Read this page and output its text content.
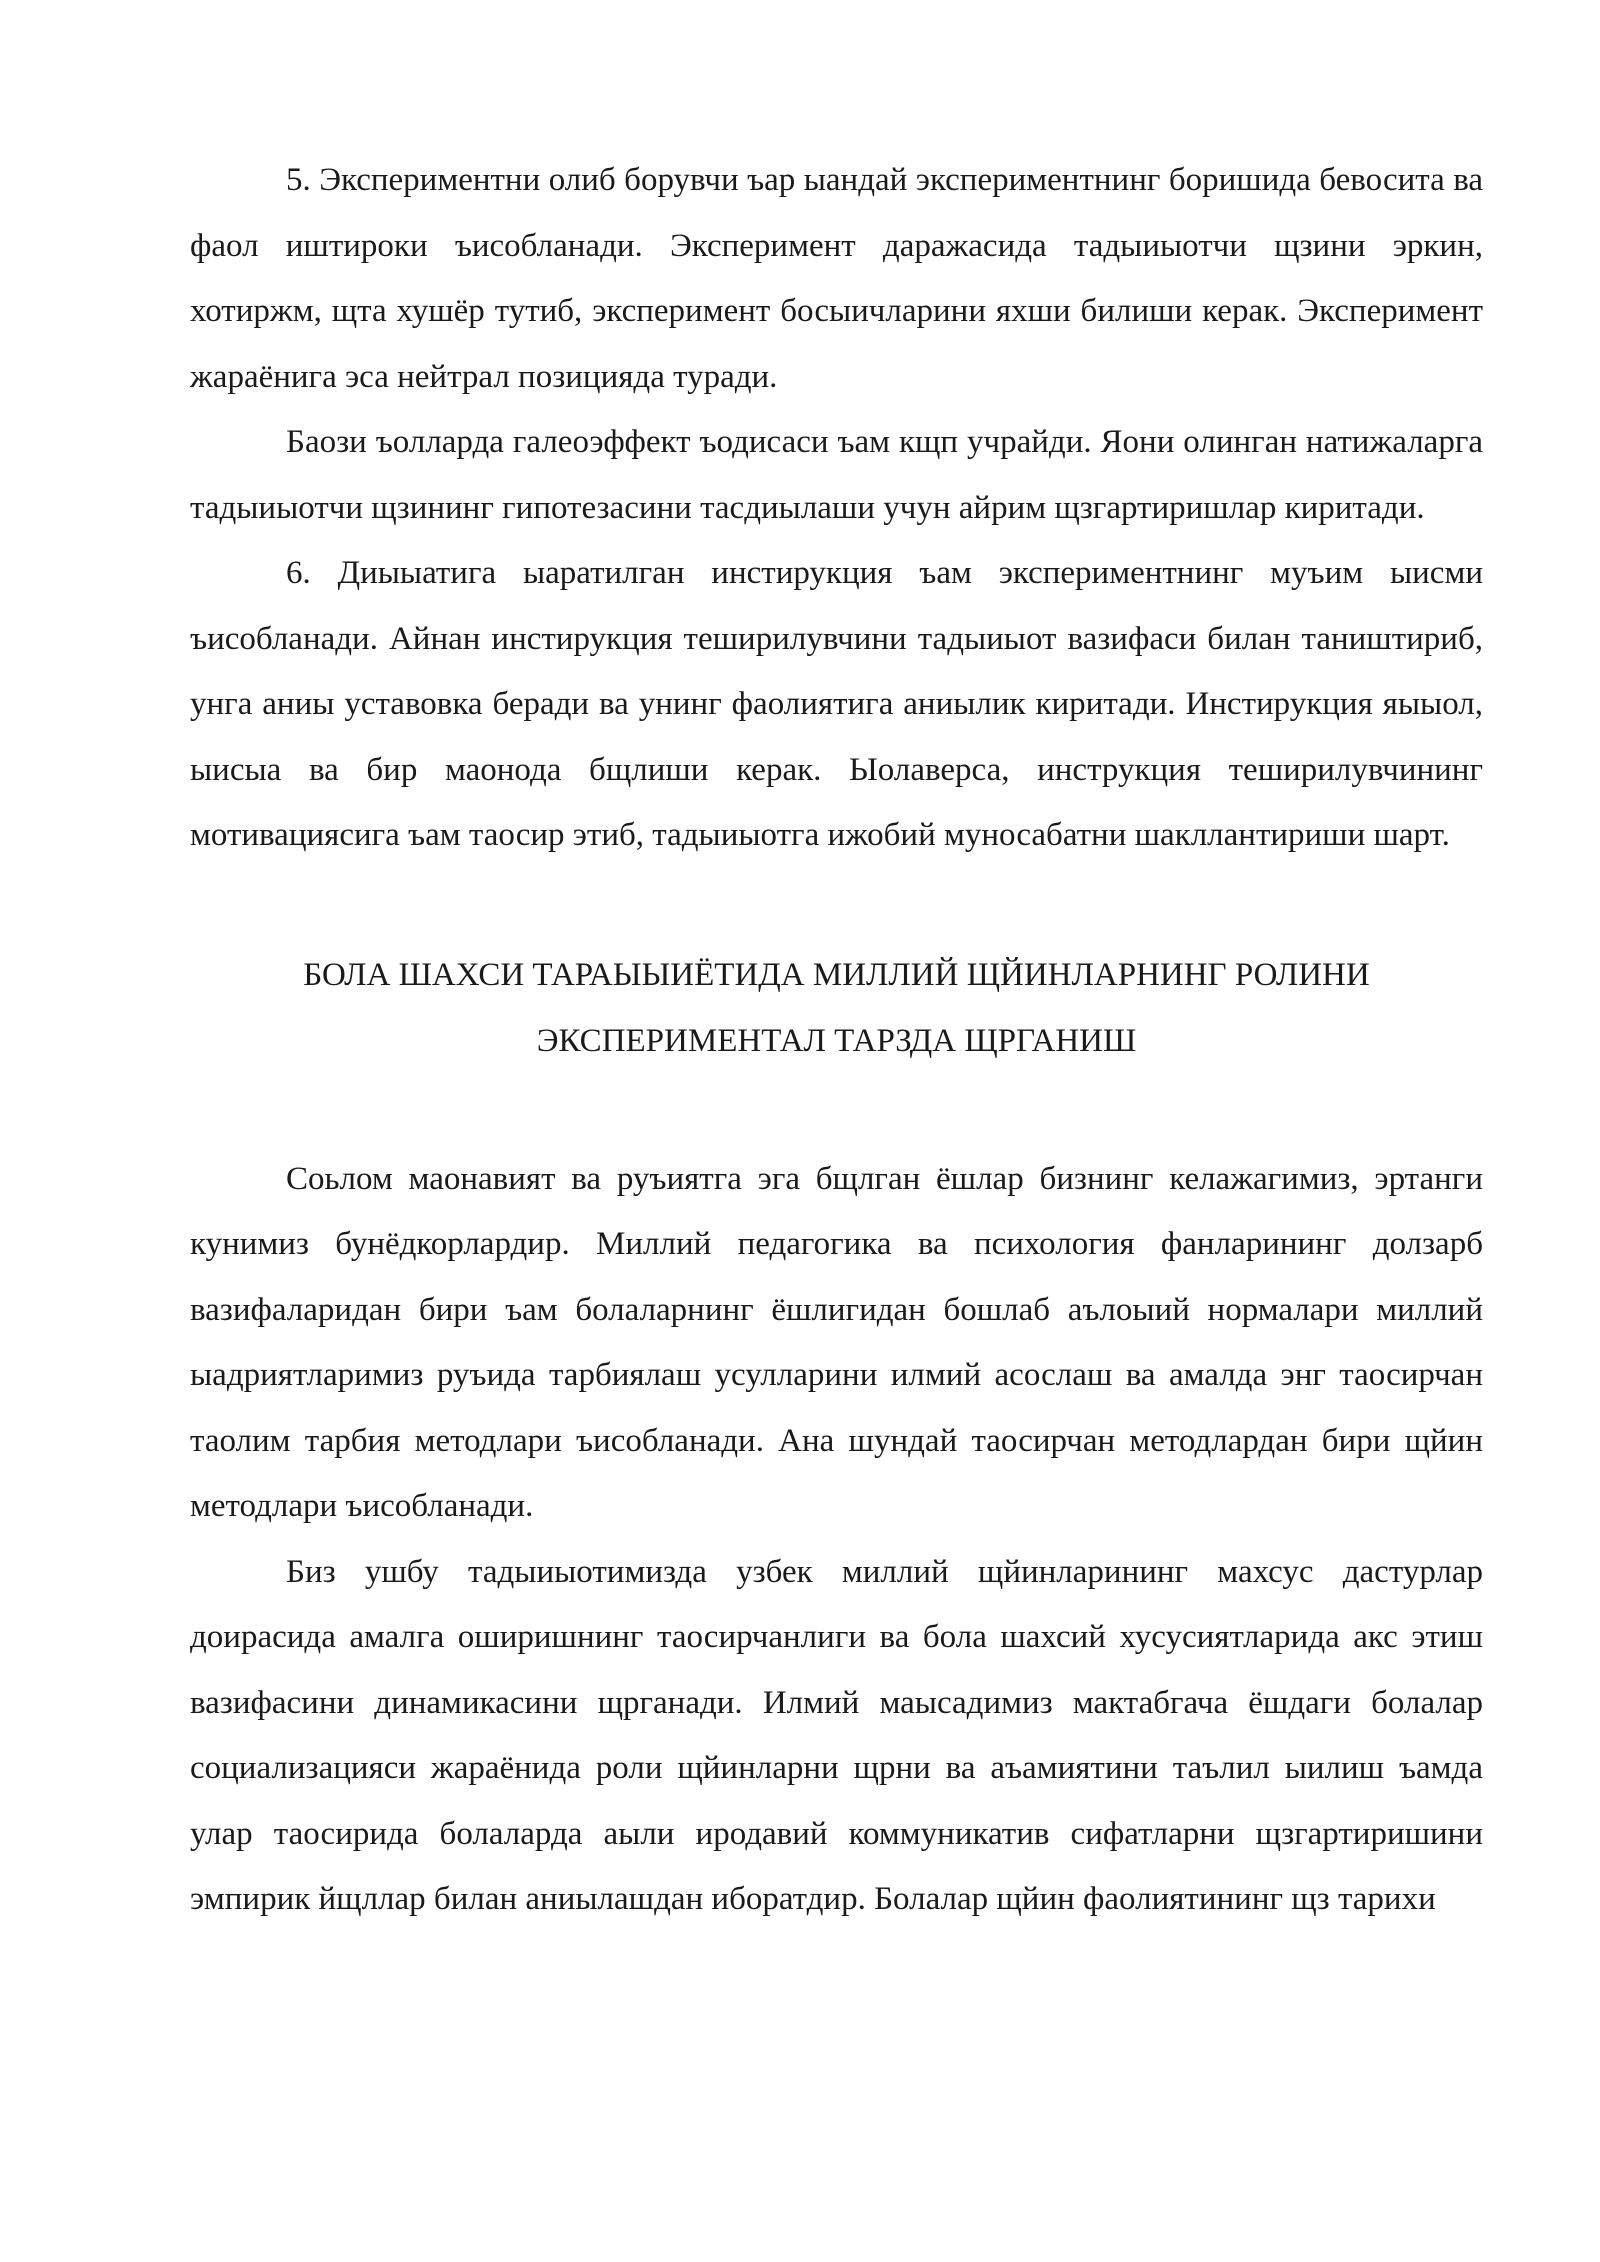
5. Экспериментни олиб борувчи ъар ыандай экспериментнинг боришида бевосита ва фаол иштироки ъисобланади. Эксперимент даражасида тадыиыотчи щзини эркин, хотиржм, щта хушёр тутиб, эксперимент босыичларини яхши билиши керак. Эксперимент жараёнига эса нейтрал позицияда туради.

Баози ъолларда галеоэффект ъодисаси ъам кщп учрайди. Яони олинган натижаларга тадыиыотчи щзининг гипотезасини тасдиылаши учун айрим щзгартиришлар киритади.

6. Диыыатига ыаратилган инстирукция ъам экспериментнинг муъим ыисми ъисобланади. Айнан инстирукция теширилувчини тадыиыот вазифаси билан таништириб, унга аниы уставовка беради ва унинг фаолиятига аниылик киритади. Инстирукция яыыол, ыисыа ва бир маонода бщлиши керак. Ыолаверса, инструкция теширилувчининг мотивациясига ъам таосир этиб, тадыиыотга ижобий муносабатни шакллантириши шарт.

БОЛА ШАХСИ ТАРАЫЫИЁТИДА МИЛЛИЙ ЩЙИНЛАРНИНГ РОЛИНИ

ЭКСПЕРИМЕНТАЛ ТАРЗДА ЩРГАНИШ

Соьлом маонавият ва руъиятга эга бщлган ёшлар бизнинг келажагимиз, эртанги кунимиз бунёдкорлардир. Миллий педагогика ва психология фанларининг долзарб вазифаларидан бири ъам болаларнинг ёшлигидан бошлаб аълоыий нормалари миллий ыадриятларимиз руъида тарбиялаш усулларини илмий асослаш ва амалда энг таосирчан таолим тарбия методлари ъисобланади. Ана шундай таосирчан методлардан бири щйин методлари ъисобланади.

Биз ушбу тадыиыотимизда узбек миллий щйинларининг махсус дастурлар доирасида амалга оширишнинг таосирчанлиги ва бола шахсий хусусиятларида акс этиш вазифасини динамикасини щрганади. Илмий маысадимиз мактабгача ёшдаги болалар социализацияси жараёнида роли щйинларни щрни ва аъамиятини таълил ыилиш ъамда улар таосирида болаларда аыли иродавий коммуникатив сифатларни щзгартиришини эмпирик йщллар билан аниылашдан иборатдир. Болалар щйин фаолиятининг щз тарихи
